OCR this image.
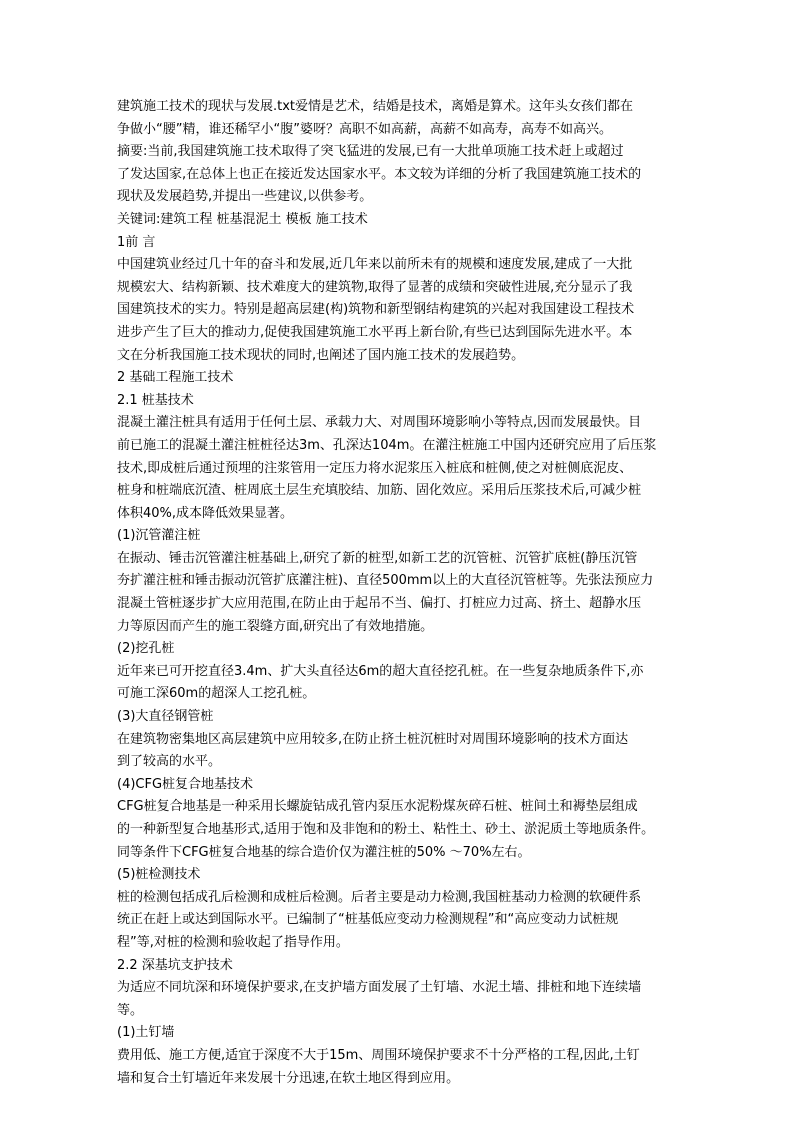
建筑施工技术的现状与发展.txt爱情是艺术，结婚是技术，离婚是算术。这年头女孩们都在
争做小“腰”精，谁还稀罕小“腹”婆呀？高职不如高薪，高薪不如高寿，高寿不如高兴。
摘要:当前,我国建筑施工技术取得了突飞猛进的发展,已有一大批单项施工技术赶上或超过
了发达国家,在总体上也正在接近发达国家水平。本文较为详细的分析了我国建筑施工技术的
现状及发展趋势,并提出一些建议,以供参考。
关键词:建筑工程 桩基混泥土 模板 施工技术
1前 言
中国建筑业经过几十年的奋斗和发展,近几年来以前所未有的规模和速度发展,建成了一大批
规模宏大、结构新颖、技术难度大的建筑物,取得了显著的成绩和突破性进展,充分显示了我
国建筑技术的实力。特别是超高层建(构)筑物和新型钢结构建筑的兴起对我国建设工程技术
进步产生了巨大的推动力,促使我国建筑施工水平再上新台阶,有些已达到国际先进水平。本
文在分析我国施工技术现状的同时,也阐述了国内施工技术的发展趋势。
2 基础工程施工技术
2.1 桩基技术
混凝土灌注桩具有适用于任何土层、承载力大、对周围环境影响小等特点,因而发展最快。目
前已施工的混凝土灌注桩桩径达3m、孔深达104m。在灌注桩施工中国内还研究应用了后压浆
技术,即成桩后通过预埋的注浆管用一定压力将水泥浆压入桩底和桩侧,使之对桩侧底泥皮、
桩身和桩端底沉渣、桩周底土层生充填胶结、加筋、固化效应。采用后压浆技术后,可减少桩
体积40%,成本降低效果显著。
(1)沉管灌注桩
在振动、锤击沉管灌注桩基础上,研究了新的桩型,如新工艺的沉管桩、沉管扩底桩(静压沉管
夯扩灌注桩和锤击振动沉管扩底灌注桩)、直径500mm以上的大直径沉管桩等。先张法预应力
混凝土管桩逐步扩大应用范围,在防止由于起吊不当、偏打、打桩应力过高、挤土、超静水压
力等原因而产生的施工裂缝方面,研究出了有效地措施。
(2)挖孔桩
近年来已可开挖直径3.4m、扩大头直径达6m的超大直径挖孔桩。在一些复杂地质条件下,亦
可施工深60m的超深人工挖孔桩。
(3)大直径钢管桩
在建筑物密集地区高层建筑中应用较多,在防止挤土桩沉桩时对周围环境影响的技术方面达
到了较高的水平。
(4)CFG桩复合地基技术
CFG桩复合地基是一种采用长螺旋钻成孔管内泵压水泥粉煤灰碎石桩、桩间土和褥垫层组成
的一种新型复合地基形式,适用于饱和及非饱和的粉土、粘性土、砂土、淤泥质土等地质条件。
同等条件下CFG桩复合地基的综合造价仅为灌注桩的50% ～70%左右。
(5)桩检测技术
桩的检测包括成孔后检测和成桩后检测。后者主要是动力检测,我国桩基动力检测的软硬件系
统正在赶上或达到国际水平。已编制了“桩基低应变动力检测规程”和“高应变动力试桩规
程”等,对桩的检测和验收起了指导作用。
2.2 深基坑支护技术
为适应不同坑深和环境保护要求,在支护墙方面发展了土钉墙、水泥土墙、排桩和地下连续墙
等。
(1)土钉墙
费用低、施工方便,适宜于深度不大于15m、周围环境保护要求不十分严格的工程,因此,土钉
墙和复合土钉墙近年来发展十分迅速,在软土地区得到应用。
